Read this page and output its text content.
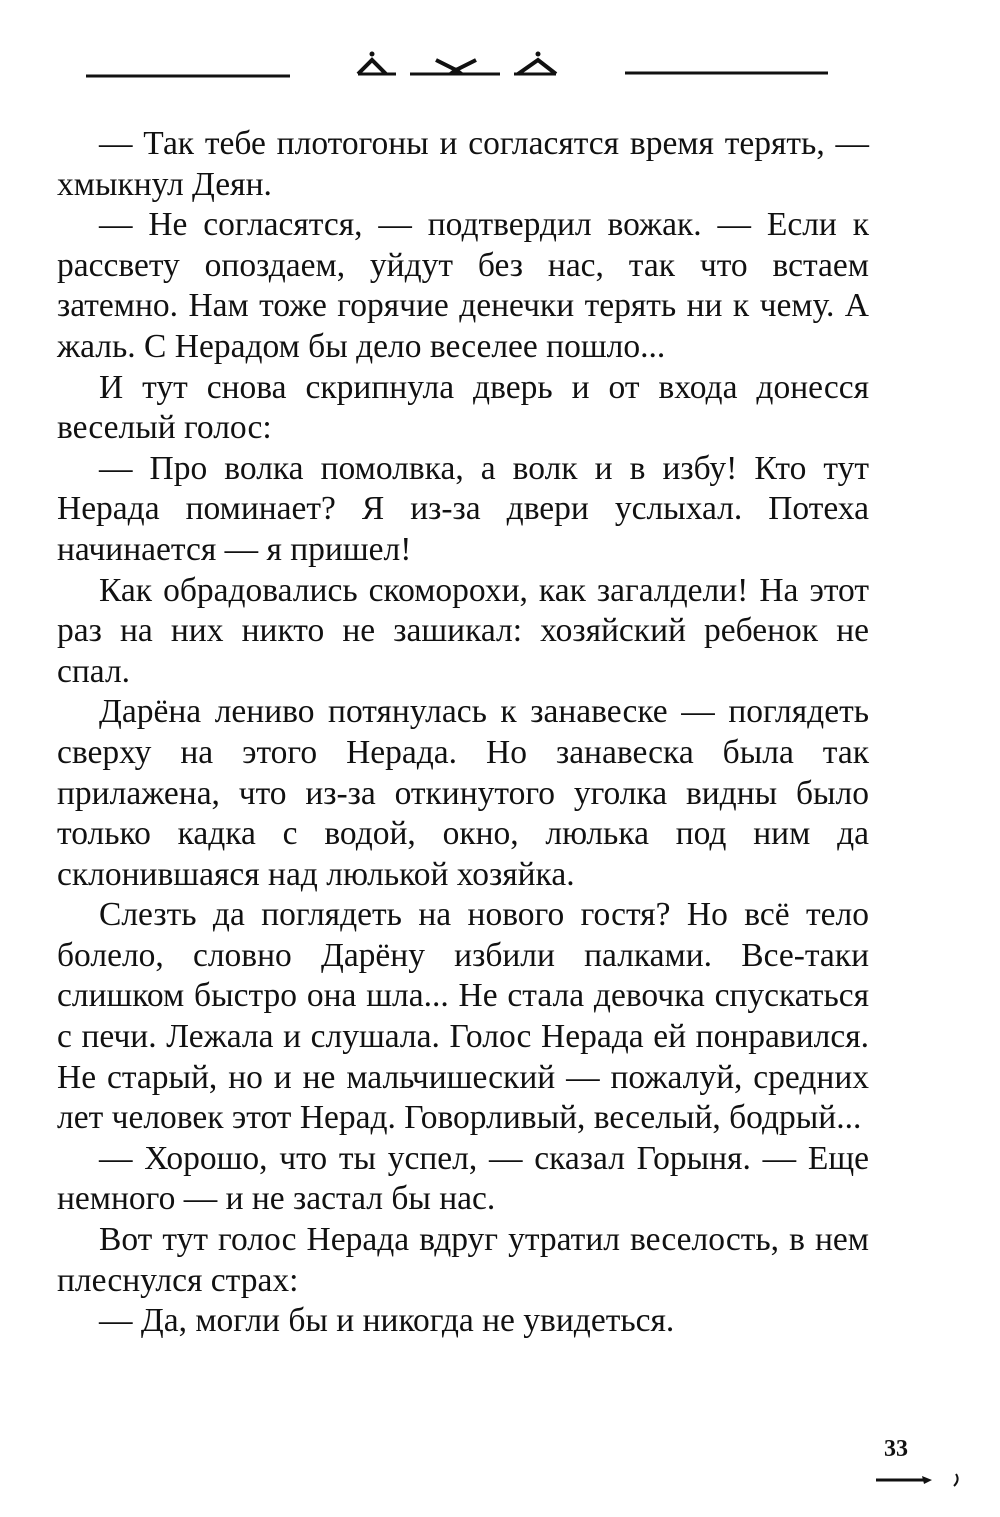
— Так тебе плотогоны и согласятся время терять, — хмыкнул Деян.

— Не согласятся, — подтвердил вожак. — Если к рассвету опоздаем, уйдут без нас, так что встаем затемно. Нам тоже горячие денечки терять ни к чему. А жаль. С Нерадом бы дело веселее пошло...

И тут снова скрипнула дверь и от входа донесся веселый голос:

— Про волка помолвка, а волк и в избу! Кто тут Нерада поминает? Я из-за двери услыхал. Потеха начинается — я пришел!

Как обрадовались скоморохи, как загалдели! На этот раз на них никто не зашикал: хозяйский ребенок не спал.

Дарёна лениво потянулась к занавеске — поглядеть сверху на этого Нерада. Но занавеска была так прилажена, что из-за откинутого уголка видны было только кадка с водой, окно, люлька под ним да склонившаяся над люлькой хозяйка.

Слезть да поглядеть на нового гостя? Но всё тело болело, словно Дарёну избили палками. Все-таки слишком быстро она шла... Не стала девочка спускаться с печи. Лежала и слушала. Голос Нерада ей понравился. Не старый, но и не мальчишеский — пожалуй, средних лет человек этот Нерад. Говорливый, веселый, бодрый...

— Хорошо, что ты успел, — сказал Горыня. — Еще немного — и не застал бы нас.

Вот тут голос Нерада вдруг утратил веселость, в нем плеснулся страх:

— Да, могли бы и никогда не увидеться.

33
